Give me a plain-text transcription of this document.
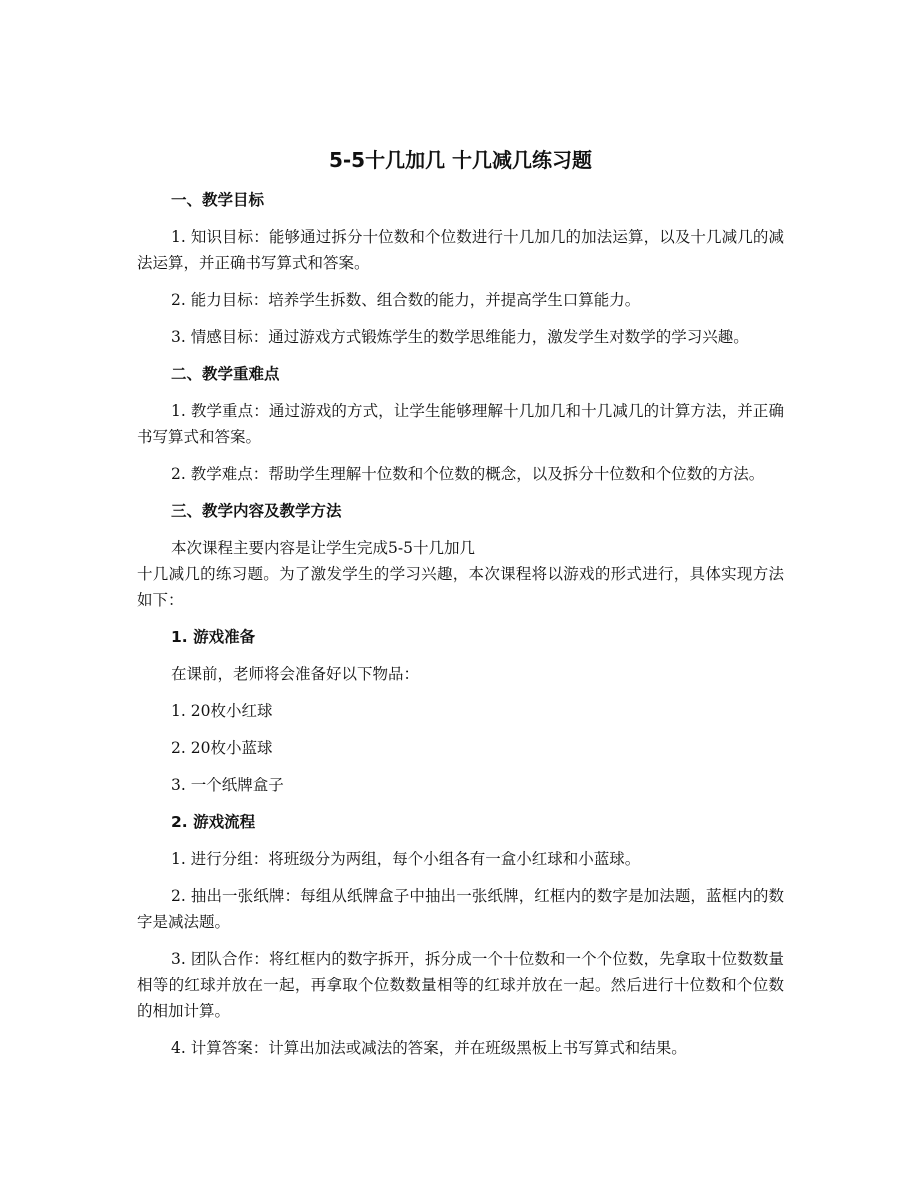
5-5十几加几 十几减几练习题
一、教学目标

1. 知识目标：能够通过拆分十位数和个位数进行十几加几的加法运算，以及十几减几的减法运算，并正确书写算式和答案。

2. 能力目标：培养学生拆数、组合数的能力，并提高学生口算能力。

3. 情感目标：通过游戏方式锻炼学生的数学思维能力，激发学生对数学的学习兴趣。

二、教学重难点

1. 教学重点：通过游戏的方式，让学生能够理解十几加几和十几减几的计算方法，并正确书写算式和答案。

2. 教学难点：帮助学生理解十位数和个位数的概念，以及拆分十位数和个位数的方法。

三、教学内容及教学方法

本次课程主要内容是让学生完成5-5十几加几
十几减几的练习题。为了激发学生的学习兴趣，本次课程将以游戏的形式进行，具体实现方法如下：

1. 游戏准备

在课前，老师将会准备好以下物品：

1. 20枚小红球

2. 20枚小蓝球

3. 一个纸牌盒子

2. 游戏流程

1. 进行分组：将班级分为两组，每个小组各有一盒小红球和小蓝球。

2. 抽出一张纸牌：每组从纸牌盒子中抽出一张纸牌，红框内的数字是加法题，蓝框内的数字是减法题。

3. 团队合作：将红框内的数字拆开，拆分成一个十位数和一个个位数，先拿取十位数数量相等的红球并放在一起，再拿取个位数数量相等的红球并放在一起。然后进行十位数和个位数的相加计算。

4. 计算答案：计算出加法或减法的答案，并在班级黑板上书写算式和结果。
